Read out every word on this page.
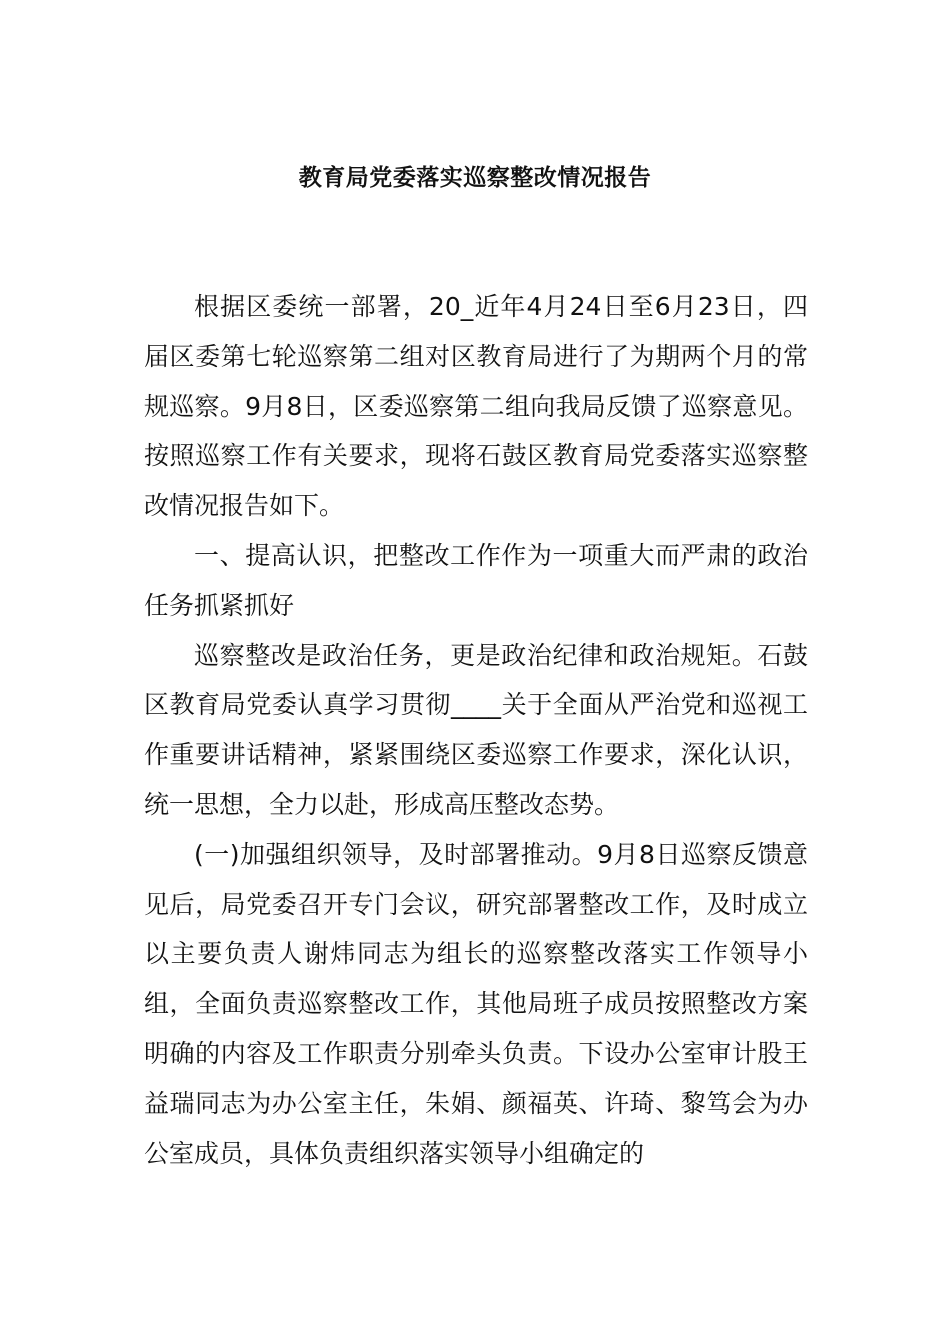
教育局党委落实巡察整改情况报告

根据区委统一部署，20_近年4月24日至6月23日，四届区委第七轮巡察第二组对区教育局进行了为期两个月的常规巡察。9月8日，区委巡察第二组向我局反馈了巡察意见。按照巡察工作有关要求，现将石鼓区教育局党委落实巡察整改情况报告如下。

一、提高认识，把整改工作作为一项重大而严肃的政治任务抓紧抓好

巡察整改是政治任务，更是政治纪律和政治规矩。石鼓区教育局党委认真学习贯彻____关于全面从严治党和巡视工作重要讲话精神，紧紧围绕区委巡察工作要求，深化认识，统一思想，全力以赴，形成高压整改态势。

(一)加强组织领导，及时部署推动。9月8日巡察反馈意见后，局党委召开专门会议，研究部署整改工作，及时成立以主要负责人谢炜同志为组长的巡察整改落实工作领导小组，全面负责巡察整改工作，其他局班子成员按照整改方案明确的内容及工作职责分别牵头负责。下设办公室审计股王益瑞同志为办公室主任，朱娟、颜福英、许琦、黎笃会为办公室成员，具体负责组织落实领导小组确定的
